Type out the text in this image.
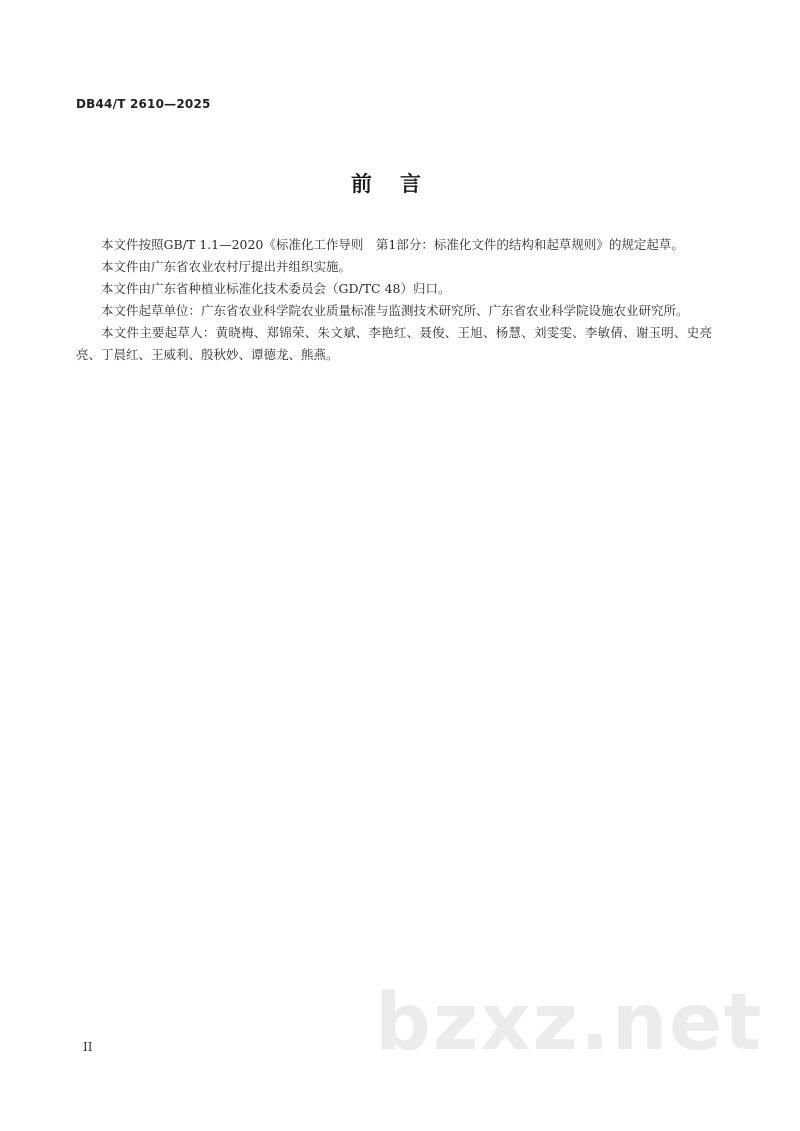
DB44/T 2610—2025
前言

本文件按照GB/T 1.1—2020《标准化工作导则　第1部分：标准化文件的结构和起草规则》的规定起草。

本文件由广东省农业农村厅提出并组织实施。

本文件由广东省种植业标准化技术委员会（GD/TC 48）归口。

本文件起草单位：广东省农业科学院农业质量标准与监测技术研究所、广东省农业科学院设施农业研究所。

本文件主要起草人：黄晓梅、郑锦荣、朱文斌、李艳红、聂俊、王旭、杨慧、刘雯雯、李敏倩、谢玉明、史亮亮、丁晨红、王威利、殷秋妙、谭德龙、熊燕。

bzxz.net
II
